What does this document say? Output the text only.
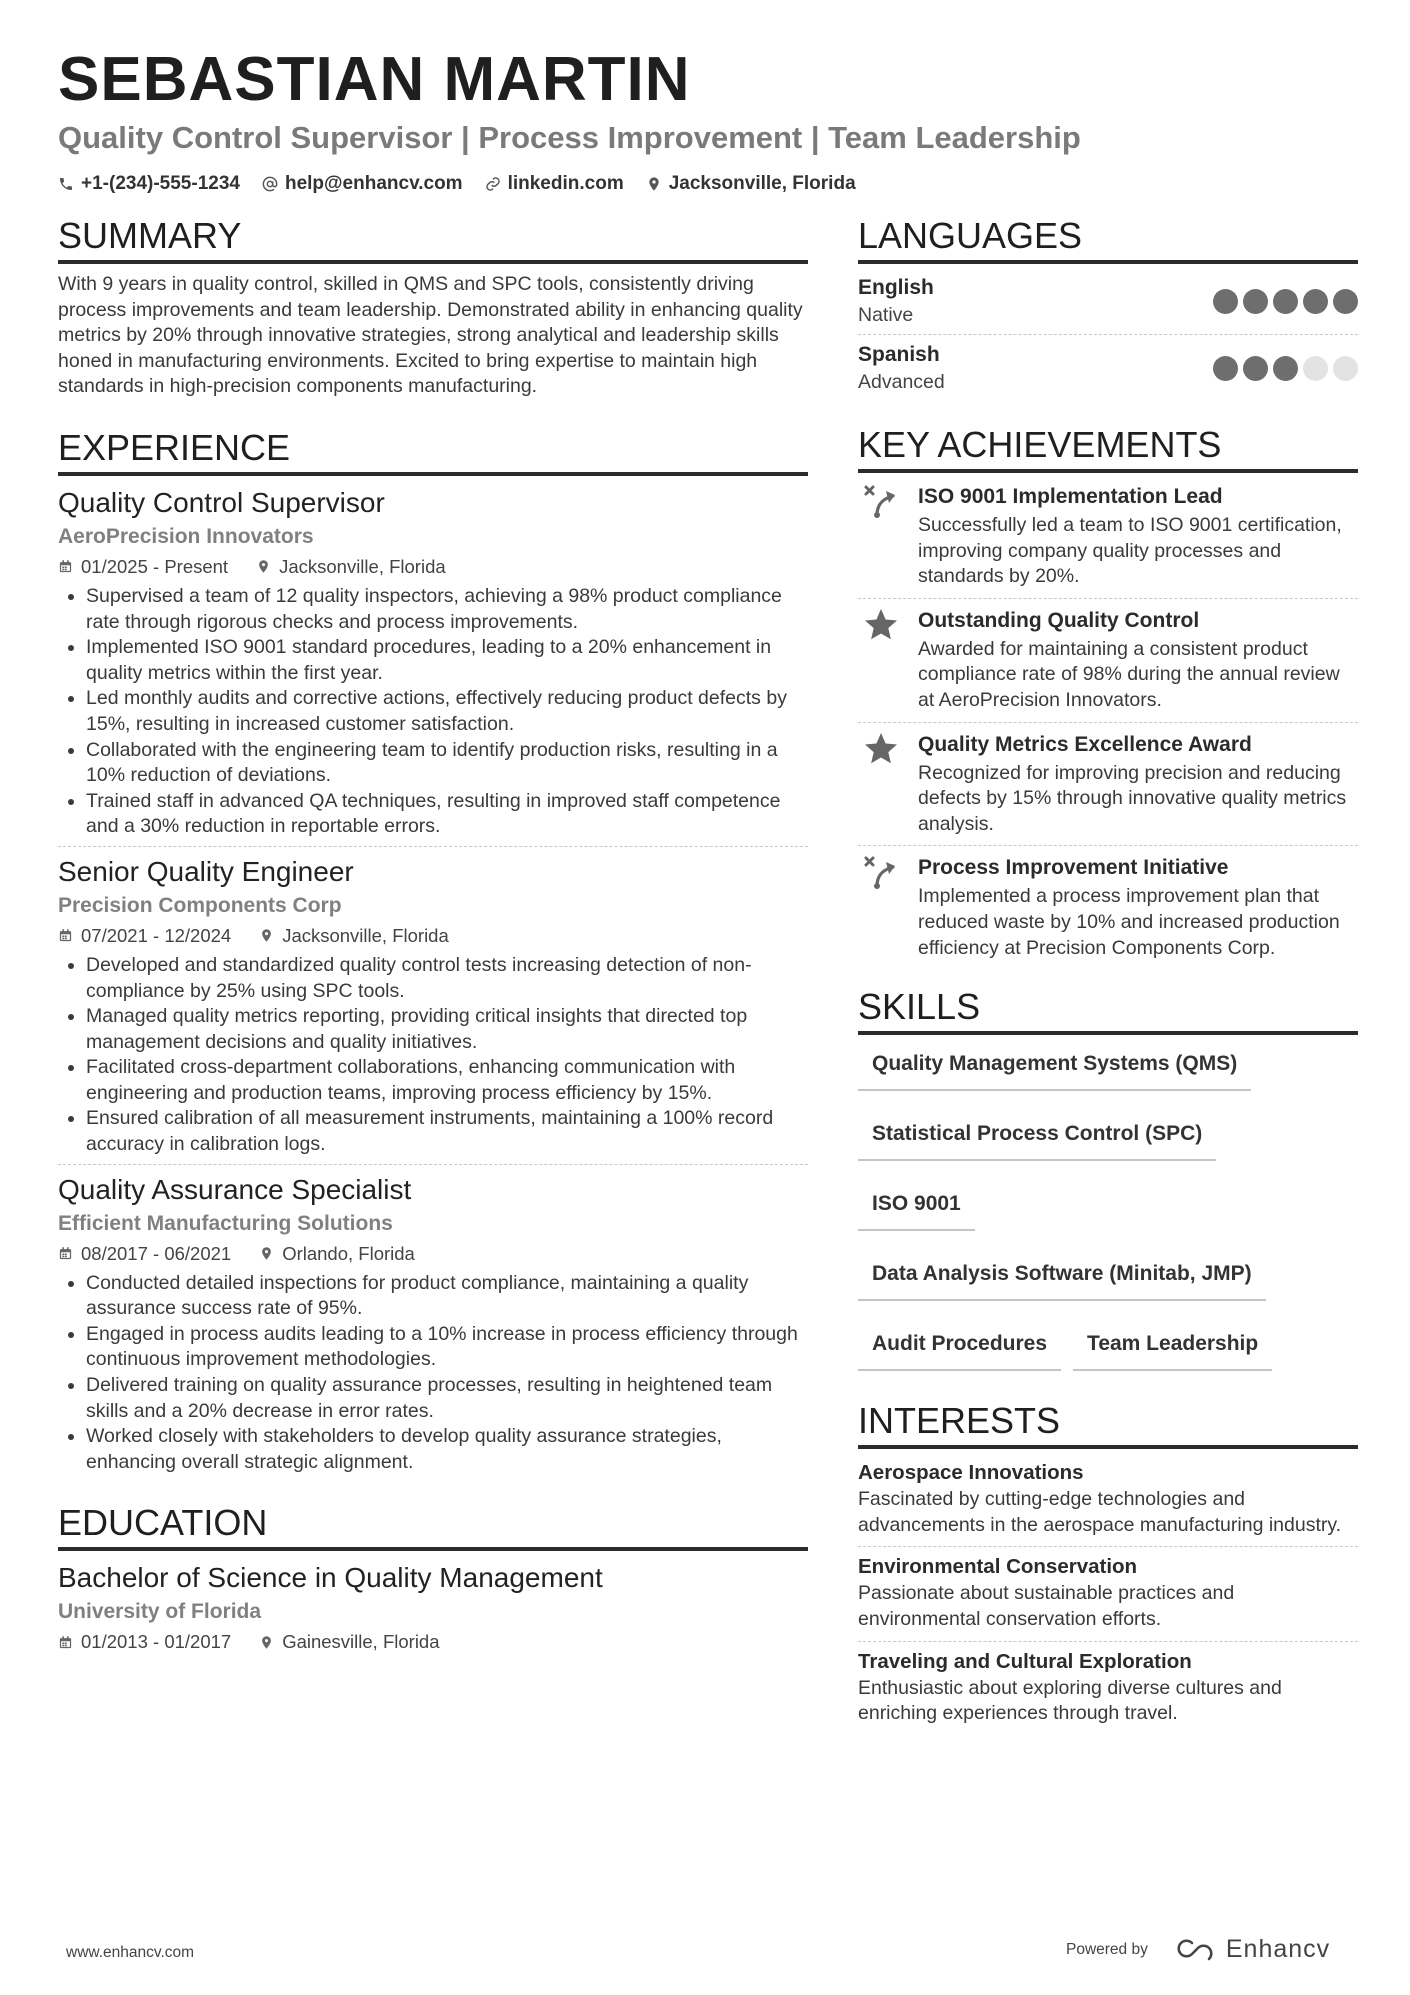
SEBASTIAN MARTIN
Quality Control Supervisor | Process Improvement | Team Leadership
+1-(234)-555-1234 help@enhancv.com linkedin.com Jacksonville, Florida
SUMMARY

With 9 years in quality control, skilled in QMS and SPC tools, consistently driving process improvements and team leadership. Demonstrated ability in enhancing quality metrics by 20% through innovative strategies, strong analytical and leadership skills honed in manufacturing environments. Excited to bring expertise to maintain high standards in high-precision components manufacturing.

EXPERIENCE
Quality Control Supervisor
AeroPrecision Innovators
01/2025 - Present	Jacksonville, Florida
• Supervised a team of 12 quality inspectors, achieving a 98% product compliance rate through rigorous checks and process improvements.
• Implemented ISO 9001 standard procedures, leading to a 20% enhancement in quality metrics within the first year.
• Led monthly audits and corrective actions, effectively reducing product defects by 15%, resulting in increased customer satisfaction.
• Collaborated with the engineering team to identify production risks, resulting in a 10% reduction of deviations.
• Trained staff in advanced QA techniques, resulting in improved staff competence and a 30% reduction in reportable errors.
Senior Quality Engineer
Precision Components Corp
07/2021 - 12/2024	Jacksonville, Florida
• Developed and standardized quality control tests increasing detection of non-compliance by 25% using SPC tools.
• Managed quality metrics reporting, providing critical insights that directed top management decisions and quality initiatives.
• Facilitated cross-department collaborations, enhancing communication with engineering and production teams, improving process efficiency by 15%.
• Ensured calibration of all measurement instruments, maintaining a 100% record accuracy in calibration logs.
Quality Assurance Specialist
Efficient Manufacturing Solutions
08/2017 - 06/2021	Orlando, Florida
• Conducted detailed inspections for product compliance, maintaining a quality assurance success rate of 95%.
• Engaged in process audits leading to a 10% increase in process efficiency through continuous improvement methodologies.
• Delivered training on quality assurance processes, resulting in heightened team skills and a 20% decrease in error rates.
• Worked closely with stakeholders to develop quality assurance strategies, enhancing overall strategic alignment.
EDUCATION
Bachelor of Science in Quality Management
University of Florida
01/2013 - 01/2017	Gainesville, Florida
LANGUAGES
English
Native
Spanish
Advanced
KEY ACHIEVEMENTS
ISO 9001 Implementation Lead
Successfully led a team to ISO 9001 certification, improving company quality processes and standards by 20%.
Outstanding Quality Control
Awarded for maintaining a consistent product compliance rate of 98% during the annual review at AeroPrecision Innovators.
Quality Metrics Excellence Award
Recognized for improving precision and reducing defects by 15% through innovative quality metrics analysis.
Process Improvement Initiative
Implemented a process improvement plan that reduced waste by 10% and increased production efficiency at Precision Components Corp.
SKILLS
Quality Management Systems (QMS)
Statistical Process Control (SPC)
ISO 9001
Data Analysis Software (Minitab, JMP)
Audit Procedures	Team Leadership
INTERESTS
Aerospace Innovations
Fascinated by cutting-edge technologies and advancements in the aerospace manufacturing industry.
Environmental Conservation
Passionate about sustainable practices and environmental conservation efforts.
Traveling and Cultural Exploration
Enthusiastic about exploring diverse cultures and enriching experiences through travel.
www.enhancv.com	Powered by	Enhancv
